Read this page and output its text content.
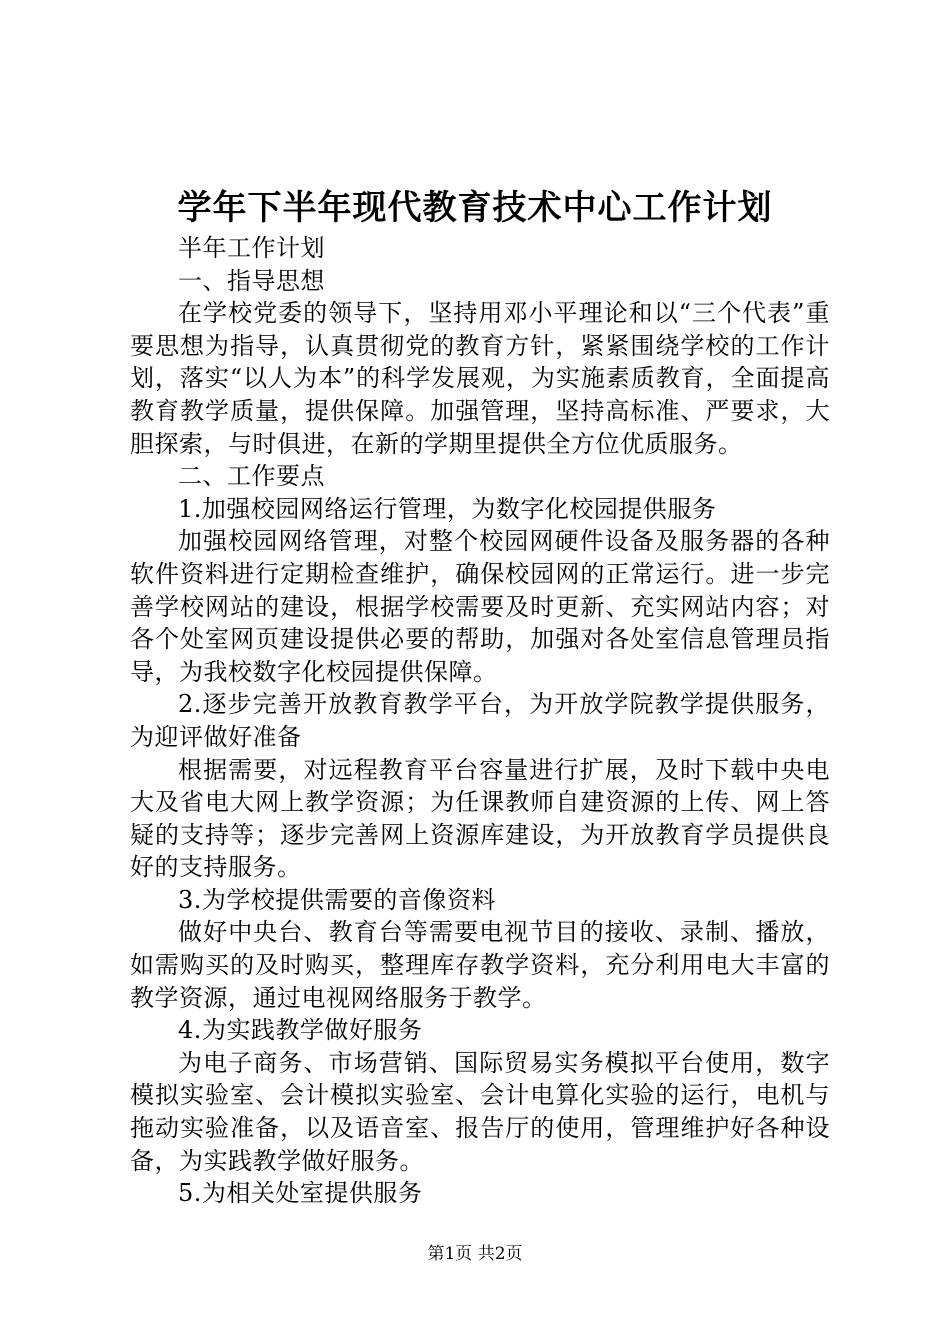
学年下半年现代教育技术中心工作计划

半年工作计划

一、指导思想

在学校党委的领导下，坚持用邓小平理论和以“三个代表”重要思想为指导，认真贯彻党的教育方针，紧紧围绕学校的工作计划，落实“以人为本”的科学发展观，为实施素质教育，全面提高教育教学质量，提供保障。加强管理，坚持高标准、严要求，大胆探索，与时俱进，在新的学期里提供全方位优质服务。

二、工作要点

1.加强校园网络运行管理，为数字化校园提供服务

加强校园网络管理，对整个校园网硬件设备及服务器的各种软件资料进行定期检查维护，确保校园网的正常运行。进一步完善学校网站的建设，根据学校需要及时更新、充实网站内容；对各个处室网页建设提供必要的帮助，加强对各处室信息管理员指导，为我校数字化校园提供保障。

2.逐步完善开放教育教学平台，为开放学院教学提供服务，为迎评做好准备

根据需要，对远程教育平台容量进行扩展，及时下载中央电大及省电大网上教学资源；为任课教师自建资源的上传、网上答疑的支持等；逐步完善网上资源库建设，为开放教育学员提供良好的支持服务。

3.为学校提供需要的音像资料

做好中央台、教育台等需要电视节目的接收、录制、播放，如需购买的及时购买，整理库存教学资料，充分利用电大丰富的教学资源，通过电视网络服务于教学。

4.为实践教学做好服务

为电子商务、市场营销、国际贸易实务模拟平台使用，数字模拟实验室、会计模拟实验室、会计电算化实验的运行，电机与拖动实验准备，以及语音室、报告厅的使用，管理维护好各种设备，为实践教学做好服务。

5.为相关处室提供服务

第1页 共2页
